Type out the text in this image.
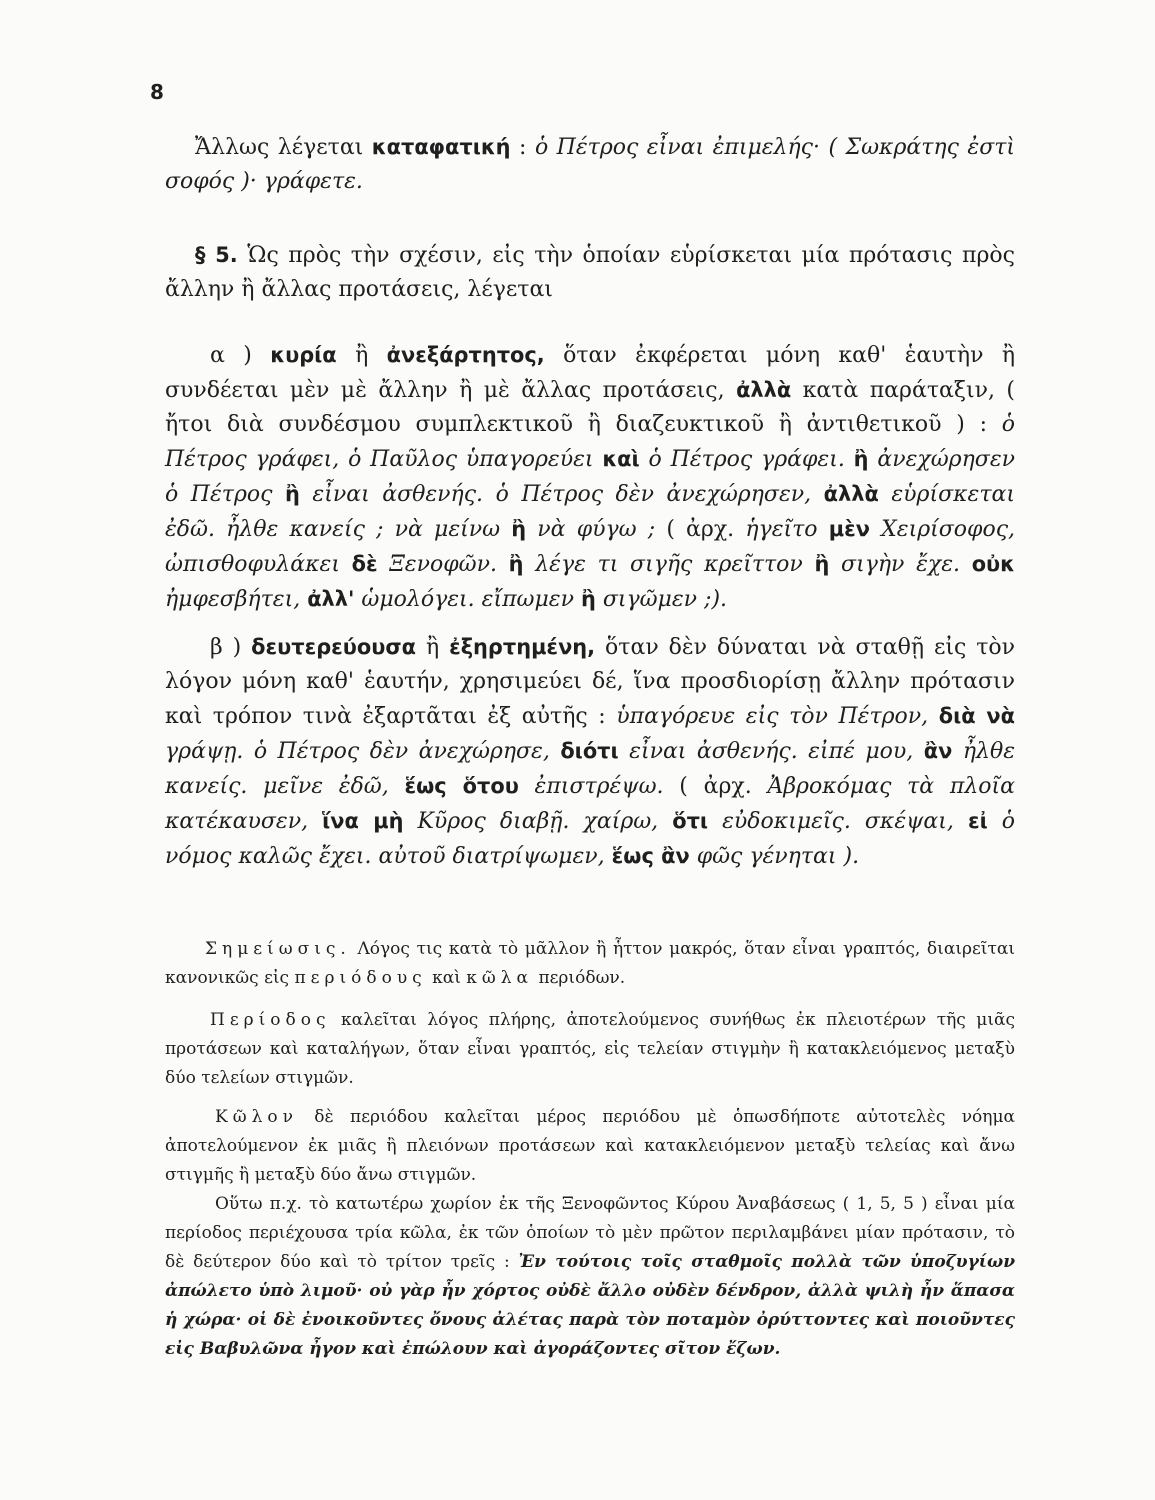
8
Ἄλλως λέγεται καταφατική : ὁ Πέτρος εἶναι ἐπιμελής· ( Σωκράτης ἐστὶ σοφός )· γράφετε.
§ 5. Ὡς πρὸς τὴν σχέσιν, εἰς τὴν ὁποίαν εὑρίσκεται μία πρότασις πρὸς ἄλλην ἢ ἄλλας προτάσεις, λέγεται
α ) κυρία ἢ ἀνεξάρτητος, ὅταν ἐκφέρεται μόνη καθ' ἑαυτὴν ἢ συνδέεται μὲν μὲ ἄλλην ἢ μὲ ἄλλας προτάσεις, ἀλλὰ κατὰ παράταξιν, ( ἤτοι διὰ συνδέσμου συμπλεκτικοῦ ἢ διαζευκτικοῦ ἢ ἀντιθετικοῦ ) : ὁ Πέτρος γράφει, ὁ Παῦλος ὑπαγορεύει καὶ ὁ Πέτρος γράφει. ἢ ἀνεχώρησεν ὁ Πέτρος ἢ εἶναι ἀσθενής. ὁ Πέτρος δὲν ἀνεχώρησεν, ἀλλὰ εὑρίσκεται ἐδῶ. ἦλθε κανείς ; νὰ μείνω ἢ νὰ φύγω ; ( ἀρχ. ἡγεῖτο μὲν Χειρίσοφος, ὠπισθοφυλάκει δὲ Ξενοφῶν. ἢ λέγε τι σιγῆς κρεῖττον ἢ σιγὴν ἔχε. οὐκ ἠμφεσβήτει, ἀλλ' ὡμολόγει. εἴπωμεν ἢ σιγῶμεν ;).
β ) δευτερεύουσα ἢ ἐξηρτημένη, ὅταν δὲν δύναται νὰ σταθῇ εἰς τὸν λόγον μόνη καθ' ἑαυτήν, χρησιμεύει δέ, ἵνα προσδιορίσῃ ἄλλην πρότασιν καὶ τρόπον τινὰ ἐξαρτᾶται ἐξ αὐτῆς : ὑπαγόρευε εἰς τὸν Πέτρον, διὰ νὰ γράψῃ. ὁ Πέτρος δὲν ἀνεχώρησε, διότι εἶναι ἀσθενής. εἰπέ μου, ἂν ἦλθε κανείς. μεῖνε ἐδῶ, ἕως ὅτου ἐπιστρέψω. ( ἀρχ. Ἀβροκόμας τὰ πλοῖα κατέκαυσεν, ἵνα μὴ Κῦρος διαβῇ. χαίρω, ὅτι εὐδοκιμεῖς. σκέψαι, εἰ ὁ νόμος καλῶς ἔχει. αὐτοῦ διατρίψωμεν, ἕως ἂν φῶς γένηται ).
Σημείωσις. Λόγος τις κατὰ τὸ μᾶλλον ἢ ἧττον μακρός, ὅταν εἶναι γραπτός, διαιρεῖται κανονικῶς εἰς περιόδους καὶ κῶλα περιόδων.
Περίοδος καλεῖται λόγος πλήρης, ἀποτελούμενος συνήθως ἐκ πλειοτέρων τῆς μιᾶς προτάσεων καὶ καταλήγων, ὅταν εἶναι γραπτός, εἰς τελείαν στιγμὴν ἢ κατακλειόμενος μεταξὺ δύο τελείων στιγμῶν.
Κῶλον δὲ περιόδου καλεῖται μέρος περιόδου μὲ ὁπωσδήποτε αὐτοτελὲς νόημα ἀποτελούμενον ἐκ μιᾶς ἢ πλειόνων προτάσεων καὶ κατακλειόμενον μεταξὺ τελείας καὶ ἄνω στιγμῆς ἢ μεταξὺ δύο ἄνω στιγμῶν.
Οὕτω π.χ. τὸ κατωτέρω χωρίον ἐκ τῆς Ξενοφῶντος Κύρου Ἀναβάσεως ( 1, 5, 5 ) εἶναι μία περίοδος περιέχουσα τρία κῶλα, ἐκ τῶν ὁποίων τὸ μὲν πρῶτον περιλαμβάνει μίαν πρότασιν, τὸ δὲ δεύτερον δύο καὶ τὸ τρίτον τρεῖς : Ἐν τούτοις τοῖς σταθμοῖς πολλὰ τῶν ὑποζυγίων ἀπώλετο ὑπὸ λιμοῦ· οὐ γὰρ ἦν χόρτος οὐδὲ ἄλλο οὐδὲν δένδρον, ἀλλὰ ψιλὴ ἦν ἅπασα ἡ χώρα· οἱ δὲ ἐνοικοῦντες ὄνους ἀλέτας παρὰ τὸν ποταμὸν ὀρύττοντες καὶ ποιοῦντες εἰς Βαβυλῶνα ἦγον καὶ ἐπώλουν καὶ ἀγοράζοντες σῖτον ἔζων.
